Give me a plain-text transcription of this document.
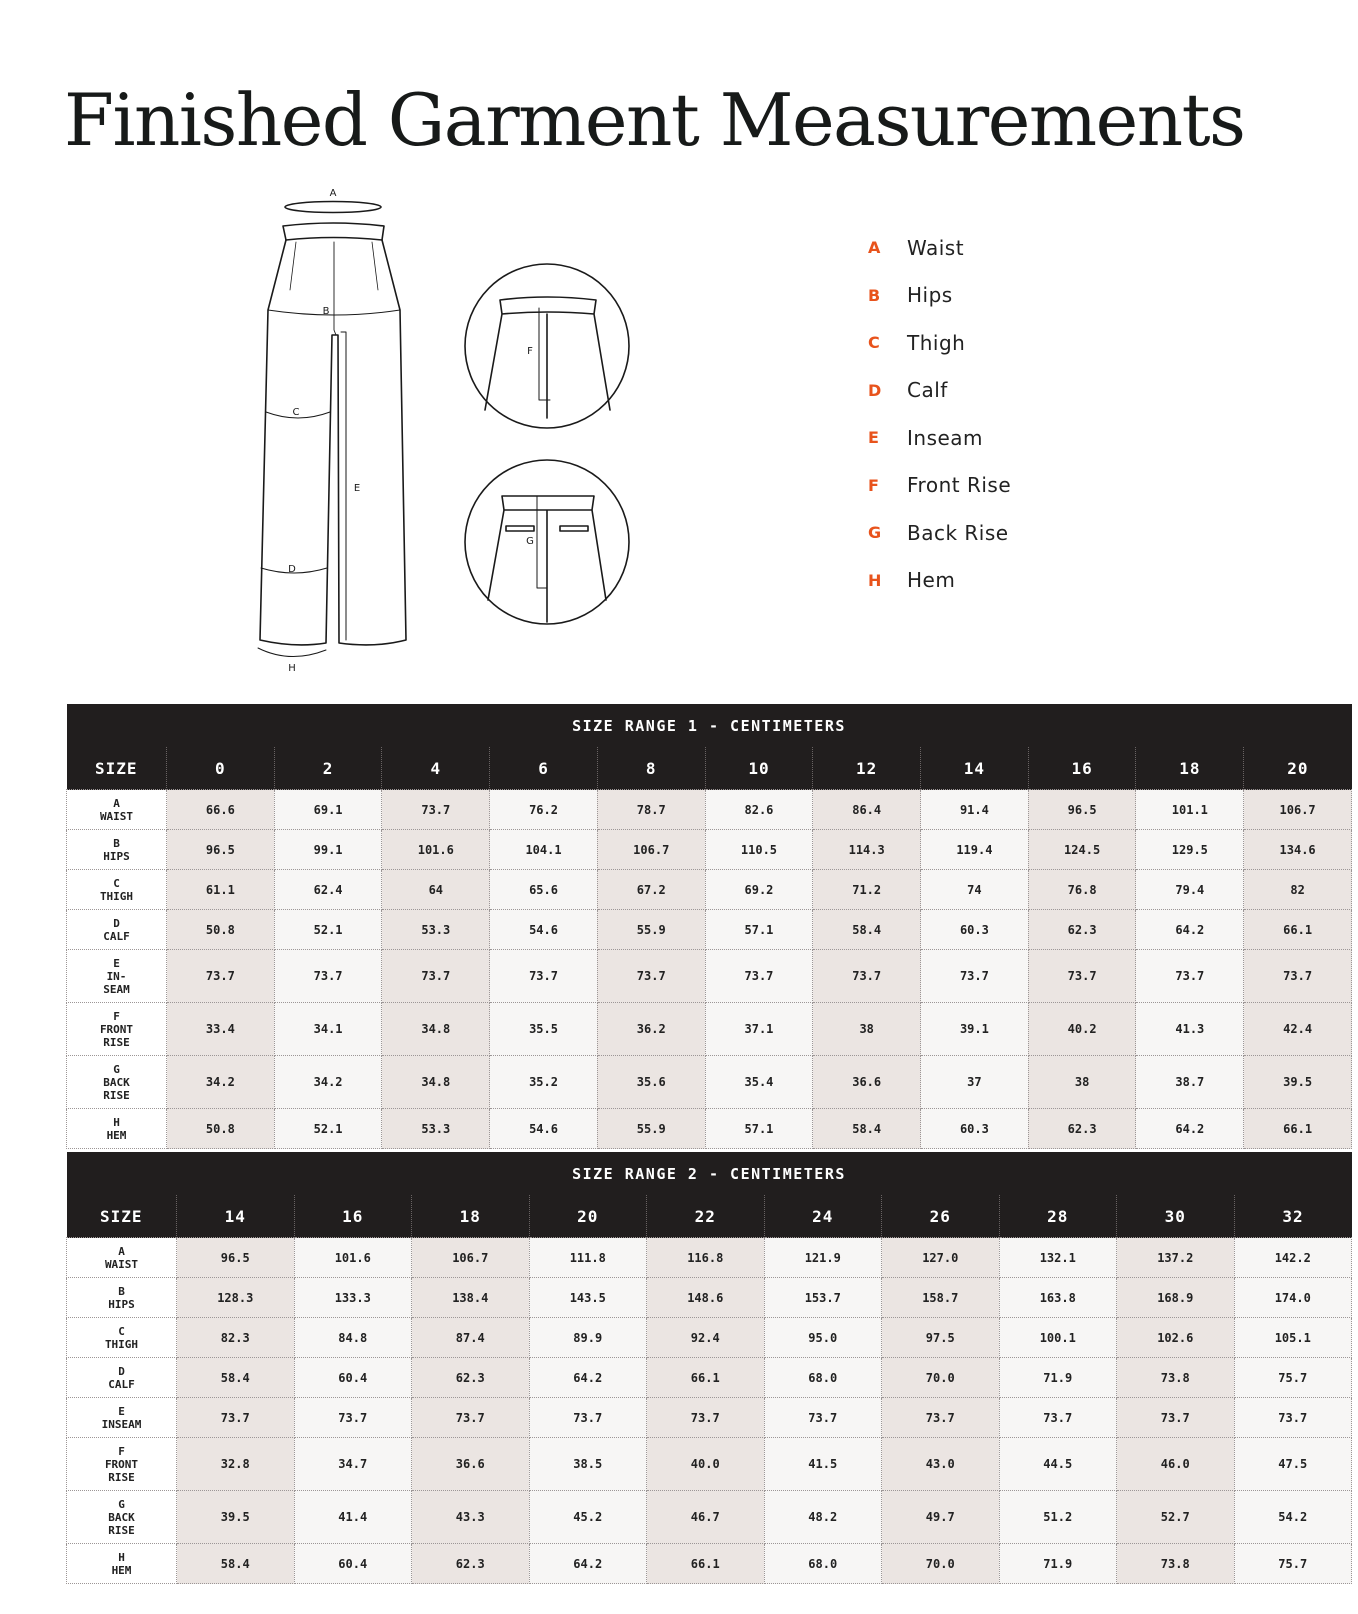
Finished Garment Measurements
A
B
C
E
D
H
F
G
A	Waist
B	Hips
C	Thigh
D	Calf
E	Inseam
F	Front Rise
G	Back Rise
H	Hem
SIZE RANGE 1 - CENTIMETERS											
SIZE	0	2	4	6	8	10	12	14	16	18	20

A
WAIST	66.6	69.1	73.7	76.2	78.7	82.6	86.4	91.4	96.5	101.1	106.7

B
HIPS	96.5	99.1	101.6	104.1	106.7	110.5	114.3	119.4	124.5	129.5	134.6

C
THIGH	61.1	62.4	64	65.6	67.2	69.2	71.2	74	76.8	79.4	82

D
CALF	50.8	52.1	53.3	54.6	55.9	57.1	58.4	60.3	62.3	64.2	66.1

E
IN-
SEAM	73.7	73.7	73.7	73.7	73.7	73.7	73.7	73.7	73.7	73.7	73.7

F
FRONT
RISE	33.4	34.1	34.8	35.5	36.2	37.1	38	39.1	40.2	41.3	42.4

G
BACK
RISE	34.2	34.2	34.8	35.2	35.6	35.4	36.6	37	38	38.7	39.5

H
HEM	50.8	52.1	53.3	54.6	55.9	57.1	58.4	60.3	62.3	64.2	66.1
SIZE RANGE 2 - CENTIMETERS										
SIZE	14	16	18	20	22	24	26	28	30	32

A
WAIST	96.5	101.6	106.7	111.8	116.8	121.9	127.0	132.1	137.2	142.2

B
HIPS	128.3	133.3	138.4	143.5	148.6	153.7	158.7	163.8	168.9	174.0

C
THIGH	82.3	84.8	87.4	89.9	92.4	95.0	97.5	100.1	102.6	105.1

D
CALF	58.4	60.4	62.3	64.2	66.1	68.0	70.0	71.9	73.8	75.7

E
INSEAM	73.7	73.7	73.7	73.7	73.7	73.7	73.7	73.7	73.7	73.7

F
FRONT
RISE	32.8	34.7	36.6	38.5	40.0	41.5	43.0	44.5	46.0	47.5

G
BACK
RISE	39.5	41.4	43.3	45.2	46.7	48.2	49.7	51.2	52.7	54.2

H
HEM	58.4	60.4	62.3	64.2	66.1	68.0	70.0	71.9	73.8	75.7
